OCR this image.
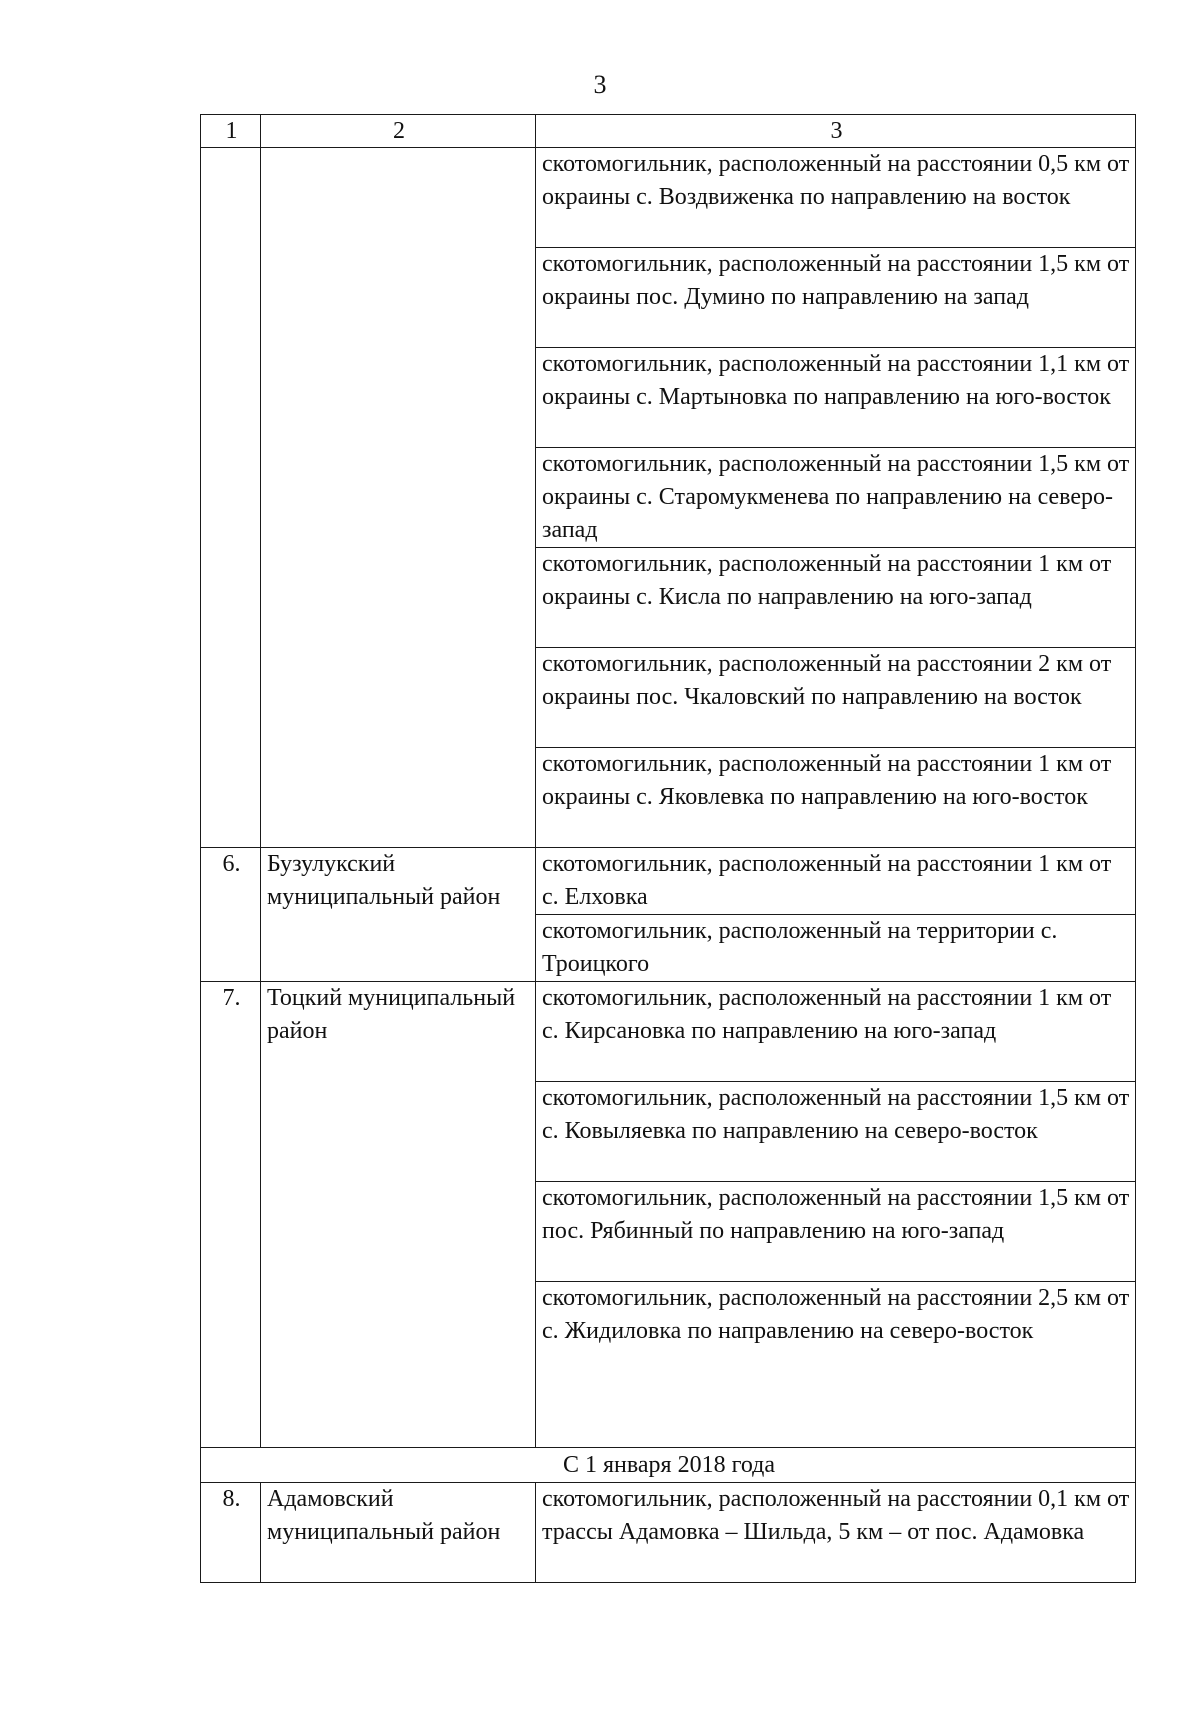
3
1	2	3
		скотомогильник, расположенный на расстоянии 0,5 км от окраины с. Воздвиженка по направлению на восток
		скотомогильник, расположенный на расстоянии 1,5 км от окраины пос. Думино по направлению на запад
		скотомогильник, расположенный на расстоянии 1,1 км от окраины с. Мартыновка по направлению на юго-восток
		скотомогильник, расположенный на расстоянии 1,5 км от окраины с. Старомукменева по направлению на северо-запад
		скотомогильник, расположенный на расстоянии 1 км от окраины с. Кисла по направлению на юго-запад
		скотомогильник, расположенный на расстоянии 2 км от окраины пос. Чкаловский по направлению на восток
		скотомогильник, расположенный на расстоянии 1 км от окраины с. Яковлевка по направлению на юго-восток
6.	Бузулукский муниципальный район	скотомогильник, расположенный на расстоянии 1 км от с. Елховка
		скотомогильник, расположенный на территории с. Троицкого
7.	Тоцкий муниципальный район	скотомогильник, расположенный на расстоянии 1 км от с. Кирсановка по направлению на юго-запад
		скотомогильник, расположенный на расстоянии 1,5 км от с. Ковыляевка по направлению на северо-восток
		скотомогильник, расположенный на расстоянии 1,5 км от пос. Рябинный по направлению на юго-запад
		скотомогильник, расположенный на расстоянии 2,5 км от с. Жидиловка по направлению на северо-восток
С 1 января 2018 года		
8.	Адамовский муниципальный район	скотомогильник, расположенный на расстоянии 0,1 км от трассы Адамовка – Шильда, 5 км – от пос. Адамовка
